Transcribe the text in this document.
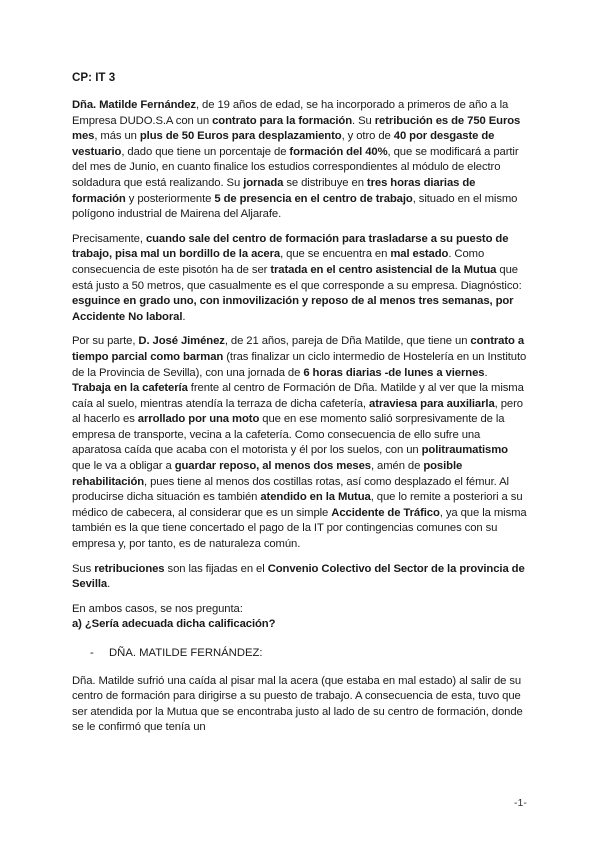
CP: IT 3
Dña. Matilde Fernández, de 19 años de edad, se ha incorporado a primeros de año a la Empresa DUDO.S.A con un contrato para la formación. Su retribución es de 750 Euros mes, más un plus de 50 Euros para desplazamiento, y otro de 40 por desgaste de vestuario, dado que tiene un porcentaje de formación del 40%, que se modificará a partir del mes de Junio, en cuanto finalice los estudios correspondientes al módulo de electro soldadura que está realizando. Su jornada se distribuye en tres horas diarias de formación y posteriormente 5 de presencia en el centro de trabajo, situado en el mismo polígono industrial de Mairena del Aljarafe.
Precisamente, cuando sale del centro de formación para trasladarse a su puesto de trabajo, pisa mal un bordillo de la acera, que se encuentra en mal estado. Como consecuencia de este pisotón ha de ser tratada en el centro asistencial de la Mutua que está justo a 50 metros, que casualmente es el que corresponde a su empresa. Diagnóstico: esguince en grado uno, con inmovilización y reposo de al menos tres semanas, por Accidente No laboral.
Por su parte, D. José Jiménez, de 21 años, pareja de Dña Matilde, que tiene un contrato a tiempo parcial como barman (tras finalizar un ciclo intermedio de Hostelería en un Instituto de la Provincia de Sevilla), con una jornada de 6 horas diarias -de lunes a viernes. Trabaja en la cafetería frente al centro de Formación de Dña. Matilde y al ver que la misma caía al suelo, mientras atendía la terraza de dicha cafetería, atraviesa para auxiliarla, pero al hacerlo es arrollado por una moto que en ese momento salió sorpresivamente de la empresa de transporte, vecina a la cafetería. Como consecuencia de ello sufre una aparatosa caída que acaba con el motorista y él por los suelos, con un politraumatismo que le va a obligar a guardar reposo, al menos dos meses, amén de posible rehabilitación, pues tiene al menos dos costillas rotas, así como desplazado el fémur. Al producirse dicha situación es también atendido en la Mutua, que lo remite a posteriori a su médico de cabecera, al considerar que es un simple Accidente de Tráfico, ya que la misma también es la que tiene concertado el pago de la IT por contingencias comunes con su empresa y, por tanto, es de naturaleza común.
Sus retribuciones son las fijadas en el Convenio Colectivo del Sector de la provincia de Sevilla.
En ambos casos, se nos pregunta:
a) ¿Sería adecuada dicha calificación?
-	DÑA. MATILDE FERNÁNDEZ:
Dña. Matilde sufrió una caída al pisar mal la acera (que estaba en mal estado) al salir de su centro de formación para dirigirse a su puesto de trabajo. A consecuencia de esta, tuvo que ser atendida por la Mutua que se encontraba justo al lado de su centro de formación, donde se le confirmó que tenía un
-1-
